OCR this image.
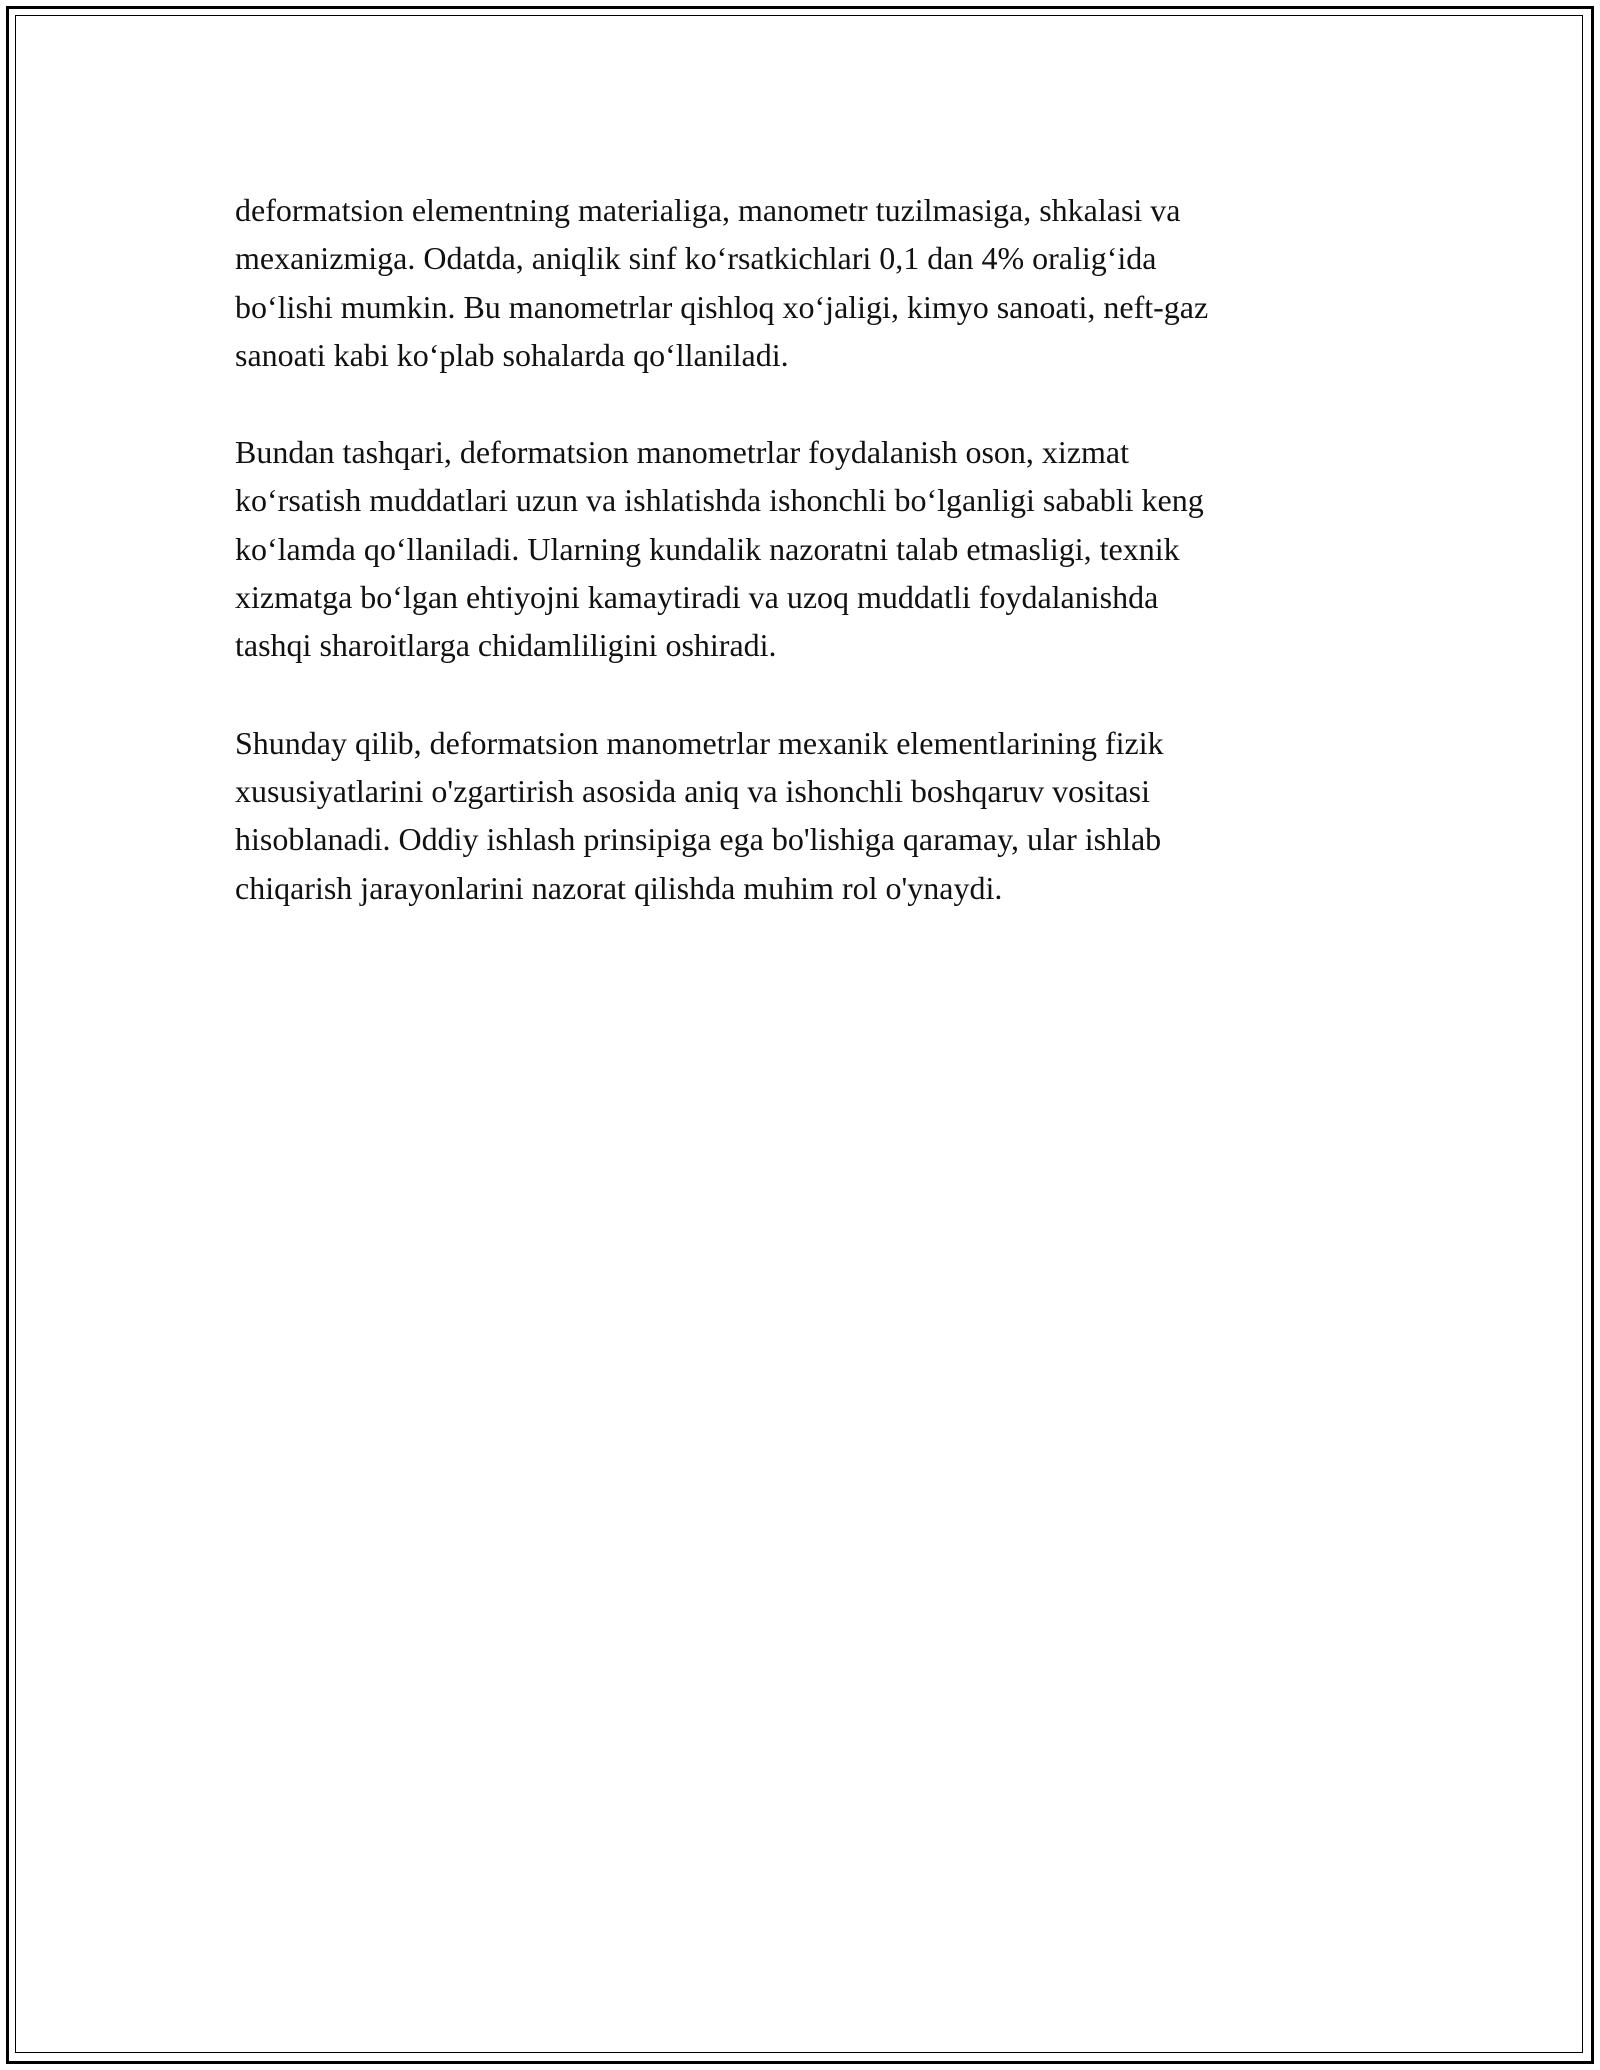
deformatsion elementning materialiga, manometr tuzilmasiga, shkalasi va
mexanizmiga. Odatda, aniqlik sinf ko‘rsatkichlari 0,1 dan 4% oralig‘ida
bo‘lishi mumkin. Bu manometrlar qishloq xo‘jaligi, kimyo sanoati, neft-gaz
sanoati kabi ko‘plab sohalarda qo‘llaniladi.

Bundan tashqari, deformatsion manometrlar foydalanish oson, xizmat
ko‘rsatish muddatlari uzun va ishlatishda ishonchli bo‘lganligi sababli keng
ko‘lamda qo‘llaniladi. Ularning kundalik nazoratni talab etmasligi, texnik
xizmatga bo‘lgan ehtiyojni kamaytiradi va uzoq muddatli foydalanishda
tashqi sharoitlarga chidamliligini oshiradi.

Shunday qilib, deformatsion manometrlar mexanik elementlarining fizik
xususiyatlarini o'zgartirish asosida aniq va ishonchli boshqaruv vositasi
hisoblanadi. Oddiy ishlash prinsipiga ega bo'lishiga qaramay, ular ishlab
chiqarish jarayonlarini nazorat qilishda muhim rol o'ynaydi.
